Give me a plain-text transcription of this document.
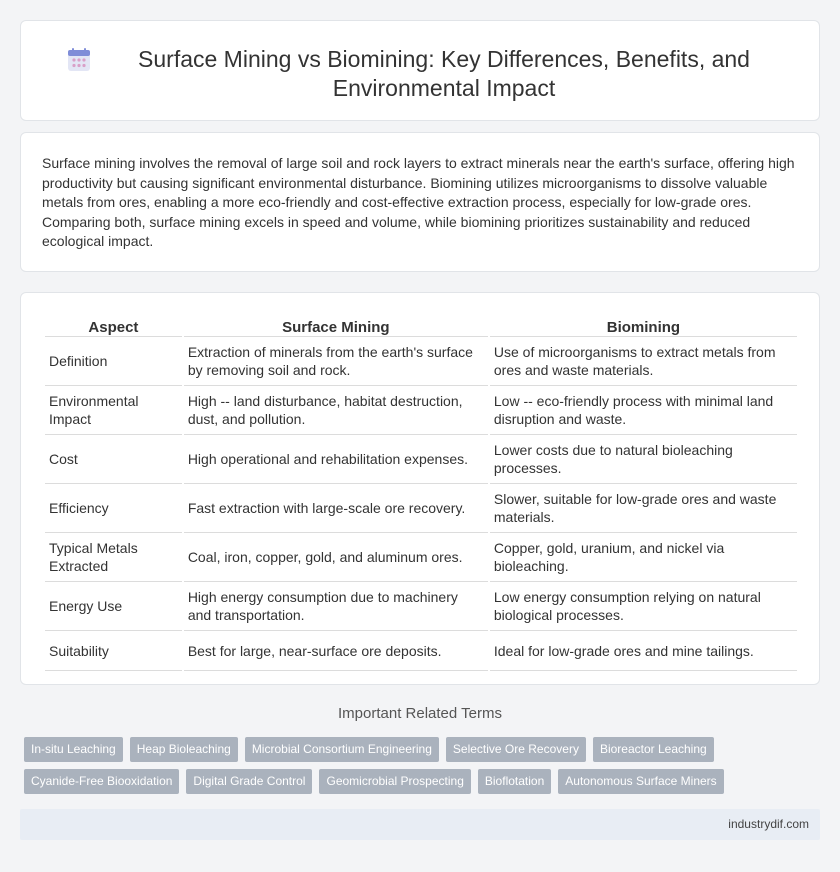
Surface Mining vs Biomining: Key Differences, Benefits, and Environmental Impact

Surface mining involves the removal of large soil and rock layers to extract minerals near the earth's surface, offering high productivity but causing significant environmental disturbance. Biomining utilizes microorganisms to dissolve valuable metals from ores, enabling a more eco-friendly and cost-effective extraction process, especially for low-grade ores. Comparing both, surface mining excels in speed and volume, while biomining prioritizes sustainability and reduced ecological impact.

Aspect	Surface Mining	Biomining
Definition	Extraction of minerals from the earth's surface by removing soil and rock.	Use of microorganisms to extract metals from ores and waste materials.
Environmental Impact	High -- land disturbance, habitat destruction, dust, and pollution.	Low -- eco-friendly process with minimal land disruption and waste.
Cost	High operational and rehabilitation expenses.	Lower costs due to natural bioleaching processes.
Efficiency	Fast extraction with large-scale ore recovery.	Slower, suitable for low-grade ores and waste materials.
Typical Metals Extracted	Coal, iron, copper, gold, and aluminum ores.	Copper, gold, uranium, and nickel via bioleaching.
Energy Use	High energy consumption due to machinery and transportation.	Low energy consumption relying on natural biological processes.
Suitability	Best for large, near-surface ore deposits.	Ideal for low-grade ores and mine tailings.
Important Related Terms
In-situ Leaching	Heap Bioleaching	Microbial Consortium Engineering	Selective Ore Recovery	Bioreactor Leaching
Cyanide-Free Biooxidation	Digital Grade Control	Geomicrobial Prospecting	Bioflotation	Autonomous Surface Miners
industrydif.com
